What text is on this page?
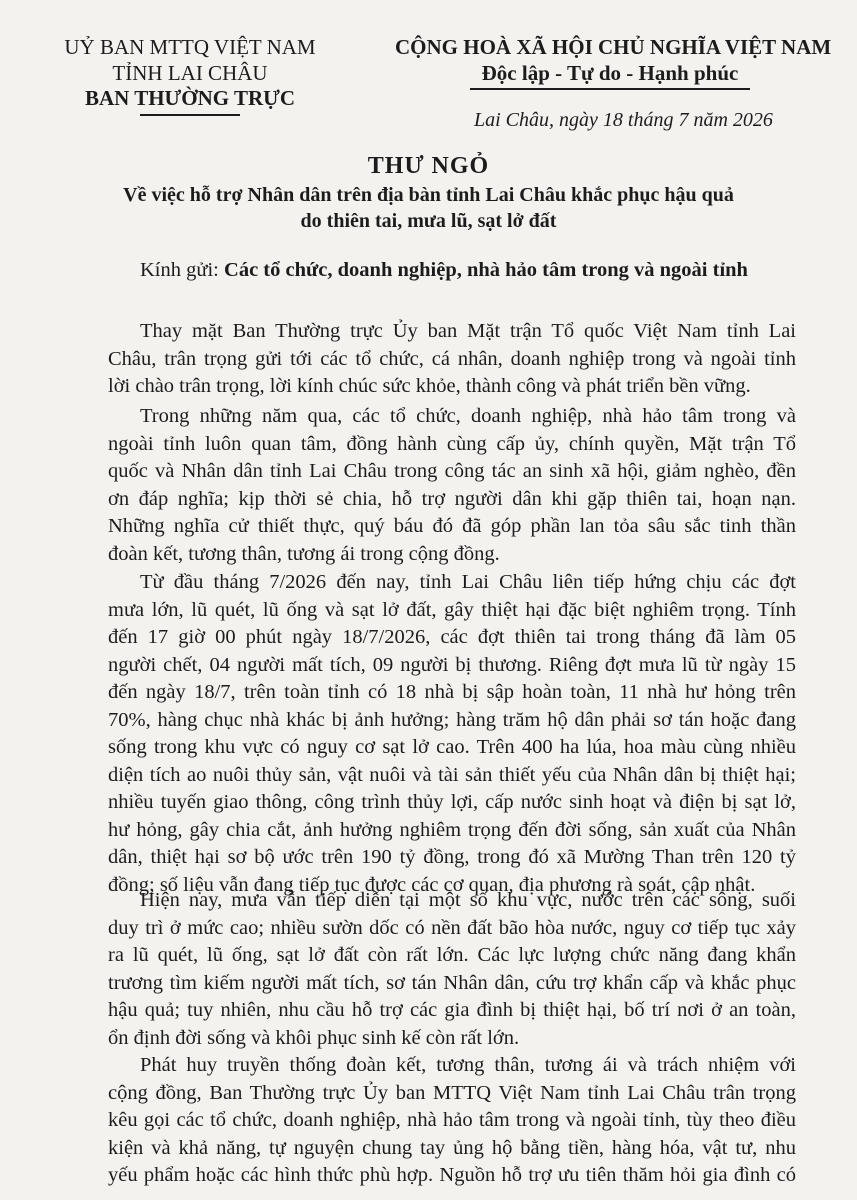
UỶ BAN MTTQ VIỆT NAM
TỈNH LAI CHÂU
BAN THƯỜNG TRỰC
CỘNG HOÀ XÃ HỘI CHỦ NGHĨA VIỆT NAM
Độc lập - Tự do - Hạnh phúc
Lai Châu, ngày 18 tháng 7 năm 2026
THƯ NGỎ
Về việc hỗ trợ Nhân dân trên địa bàn tỉnh Lai Châu khắc phục hậu quả
do thiên tai, mưa lũ, sạt lở đất
Kính gửi: Các tổ chức, doanh nghiệp, nhà hảo tâm trong và ngoài tỉnh
Thay mặt Ban Thường trực Ủy ban Mặt trận Tổ quốc Việt Nam tỉnh Lai
Châu, trân trọng gửi tới các tổ chức, cá nhân, doanh nghiệp trong và ngoài tỉnh
lời chào trân trọng, lời kính chúc sức khỏe, thành công và phát triển bền vững.
Trong những năm qua, các tổ chức, doanh nghiệp, nhà hảo tâm trong và
ngoài tỉnh luôn quan tâm, đồng hành cùng cấp ủy, chính quyền, Mặt trận Tổ
quốc và Nhân dân tỉnh Lai Châu trong công tác an sinh xã hội, giảm nghèo, đền
ơn đáp nghĩa; kịp thời sẻ chia, hỗ trợ người dân khi gặp thiên tai, hoạn nạn.
Những nghĩa cử thiết thực, quý báu đó đã góp phần lan tỏa sâu sắc tinh thần
đoàn kết, tương thân, tương ái trong cộng đồng.
Từ đầu tháng 7/2026 đến nay, tỉnh Lai Châu liên tiếp hứng chịu các đợt
mưa lớn, lũ quét, lũ ống và sạt lở đất, gây thiệt hại đặc biệt nghiêm trọng. Tính
đến 17 giờ 00 phút ngày 18/7/2026, các đợt thiên tai trong tháng đã làm 05
người chết, 04 người mất tích, 09 người bị thương. Riêng đợt mưa lũ từ ngày 15
đến ngày 18/7, trên toàn tỉnh có 18 nhà bị sập hoàn toàn, 11 nhà hư hỏng trên
70%, hàng chục nhà khác bị ảnh hưởng; hàng trăm hộ dân phải sơ tán hoặc đang
sống trong khu vực có nguy cơ sạt lở cao. Trên 400 ha lúa, hoa màu cùng nhiều
diện tích ao nuôi thủy sản, vật nuôi và tài sản thiết yếu của Nhân dân bị thiệt hại;
nhiều tuyến giao thông, công trình thủy lợi, cấp nước sinh hoạt và điện bị sạt lở,
hư hỏng, gây chia cắt, ảnh hưởng nghiêm trọng đến đời sống, sản xuất của Nhân
dân, thiệt hại sơ bộ ước trên 190 tỷ đồng, trong đó xã Mường Than trên 120 tỷ
đồng; số liệu vẫn đang tiếp tục được các cơ quan, địa phương rà soát, cập nhật.
Hiện nay, mưa vẫn tiếp diễn tại một số khu vực, nước trên các sông, suối
duy trì ở mức cao; nhiều sườn dốc có nền đất bão hòa nước, nguy cơ tiếp tục xảy
ra lũ quét, lũ ống, sạt lở đất còn rất lớn. Các lực lượng chức năng đang khẩn
trương tìm kiếm người mất tích, sơ tán Nhân dân, cứu trợ khẩn cấp và khắc phục
hậu quả; tuy nhiên, nhu cầu hỗ trợ các gia đình bị thiệt hại, bố trí nơi ở an toàn,
ổn định đời sống và khôi phục sinh kế còn rất lớn.
Phát huy truyền thống đoàn kết, tương thân, tương ái và trách nhiệm với
cộng đồng, Ban Thường trực Ủy ban MTTQ Việt Nam tỉnh Lai Châu trân trọng
kêu gọi các tổ chức, doanh nghiệp, nhà hảo tâm trong và ngoài tỉnh, tùy theo điều
kiện và khả năng, tự nguyện chung tay ủng hộ bằng tiền, hàng hóa, vật tư, nhu
yếu phẩm hoặc các hình thức phù hợp. Nguồn hỗ trợ ưu tiên thăm hỏi gia đình có
